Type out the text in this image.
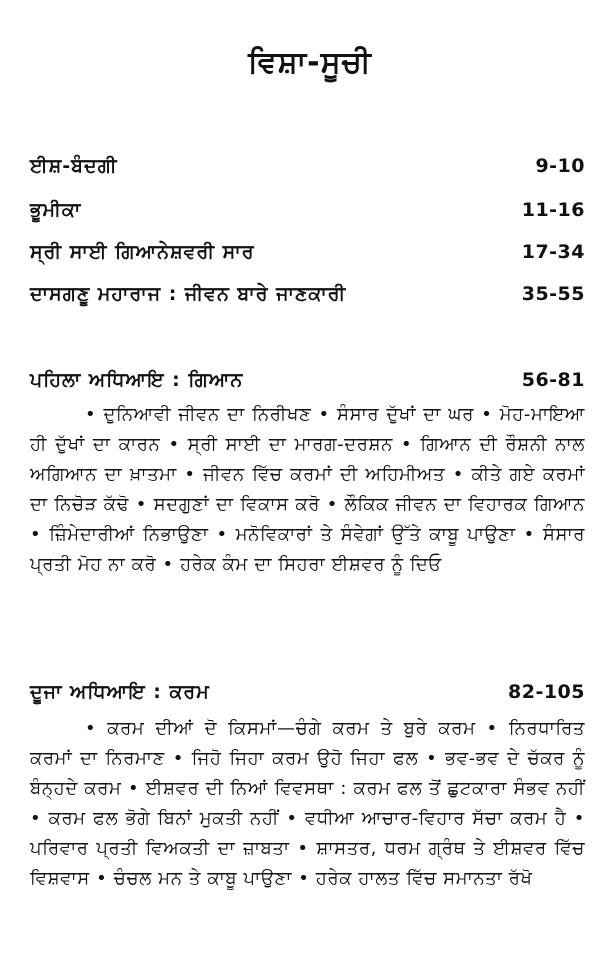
ਵਿਸ਼ਾ-ਸੂਚੀ
ਈਸ਼-ਬੰਦਗੀ	9-10
ਭੂਮੀਕਾ	11-16
ਸ੍ਰੀ ਸਾਈ ਗਿਆਨੇਸ਼ਵਰੀ ਸਾਰ	17-34
ਦਾਸਗਣੂ ਮਹਾਰਾਜ : ਜੀਵਨ ਬਾਰੇ ਜਾਣਕਾਰੀ	35-55
ਪਹਿਲਾ ਅਧਿਆਇ : ਗਿਆਨ	56-81
• ਦੁਨਿਆਵੀ ਜੀਵਨ ਦਾ ਨਿਰੀਖਣ • ਸੰਸਾਰ ਦੁੱਖਾਂ ਦਾ ਘਰ • ਮੋਹ-ਮਾਇਆ ਹੀ ਦੁੱਖਾਂ ਦਾ ਕਾਰਨ • ਸ੍ਰੀ ਸਾਈ ਦਾ ਮਾਰਗ-ਦਰਸ਼ਨ • ਗਿਆਨ ਦੀ ਰੌਸ਼ਨੀ ਨਾਲ ਅਗਿਆਨ ਦਾ ਖ਼ਾਤਮਾ • ਜੀਵਨ ਵਿੱਚ ਕਰਮਾਂ ਦੀ ਅਹਿਮੀਅਤ • ਕੀਤੇ ਗਏ ਕਰਮਾਂ ਦਾ ਨਿਚੋੜ ਕੱਢੋ • ਸਦਗੁਣਾਂ ਦਾ ਵਿਕਾਸ ਕਰੋ • ਲੌਕਿਕ ਜੀਵਨ ਦਾ ਵਿਹਾਰਕ ਗਿਆਨ • ਜ਼ਿੰਮੇਦਾਰੀਆਂ ਨਿਭਾਉਣਾ • ਮਨੋਵਿਕਾਰਾਂ ਤੇ ਸੰਵੇਗਾਂ ਉੱਤੇ ਕਾਬੂ ਪਾਉਣਾ • ਸੰਸਾਰ ਪ੍ਰਤੀ ਮੋਹ ਨਾ ਕਰੋ • ਹਰੇਕ ਕੰਮ ਦਾ ਸਿਹਰਾ ਈਸ਼ਵਰ ਨੂੰ ਦਿਓ
ਦੂਜਾ ਅਧਿਆਇ : ਕਰਮ	82-105
• ਕਰਮ ਦੀਆਂ ਦੋ ਕਿਸਮਾਂ—ਚੰਗੇ ਕਰਮ ਤੇ ਬੁਰੇ ਕਰਮ • ਨਿਰਧਾਰਿਤ ਕਰਮਾਂ ਦਾ ਨਿਰਮਾਣ • ਜਿਹੋ ਜਿਹਾ ਕਰਮ ਉਹੋ ਜਿਹਾ ਫਲ • ਭਵ-ਭਵ ਦੇ ਚੱਕਰ ਨੂੰ ਬੰਨ੍ਹਦੇ ਕਰਮ • ਈਸ਼ਵਰ ਦੀ ਨਿਆਂ ਵਿਵਸਥਾ : ਕਰਮ ਫਲ ਤੋਂ ਛੁਟਕਾਰਾ ਸੰਭਵ ਨਹੀਂ • ਕਰਮ ਫਲ ਭੋਗੇ ਬਿਨਾਂ ਮੁਕਤੀ ਨਹੀਂ • ਵਧੀਆ ਆਚਾਰ-ਵਿਹਾਰ ਸੱਚਾ ਕਰਮ ਹੈ • ਪਰਿਵਾਰ ਪ੍ਰਤੀ ਵਿਅਕਤੀ ਦਾ ਜ਼ਾਬਤਾ • ਸ਼ਾਸਤਰ, ਧਰਮ ਗ੍ਰੰਥ ਤੇ ਈਸ਼ਵਰ ਵਿੱਚ ਵਿਸ਼ਵਾਸ • ਚੰਚਲ ਮਨ ਤੇ ਕਾਬੂ ਪਾਉਣਾ • ਹਰੇਕ ਹਾਲਤ ਵਿੱਚ ਸਮਾਨਤਾ ਰੱਖੋ
